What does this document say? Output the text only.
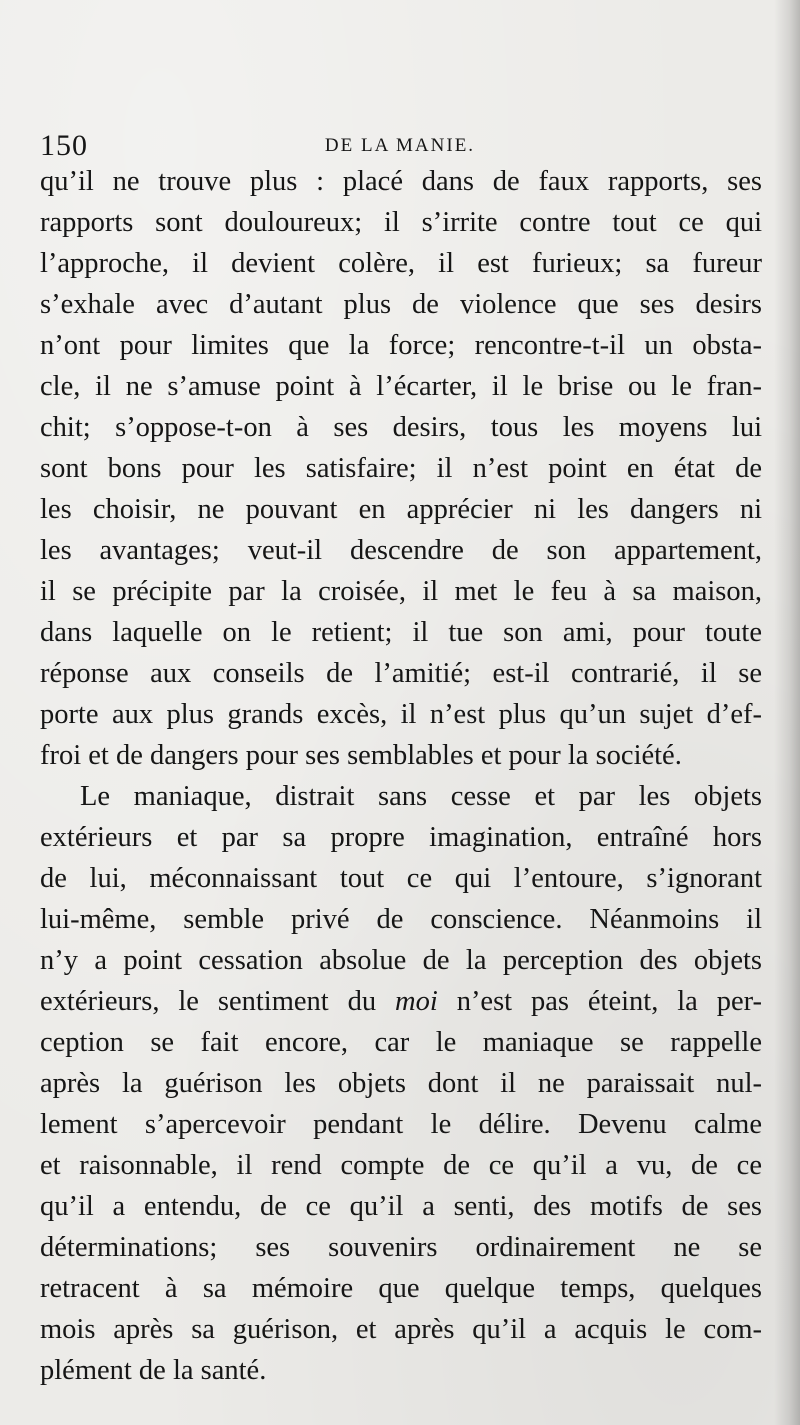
150	DE LA MANIE.
qu’il ne trouve plus : placé dans de faux rapports, ses
rapports sont douloureux; il s’irrite contre tout ce qui
l’approche, il devient colère, il est furieux; sa fureur
s’exhale avec d’autant plus de violence que ses desirs
n’ont pour limites que la force; rencontre-t-il un obsta-
cle, il ne s’amuse point à l’écarter, il le brise ou le fran-
chit; s’oppose-t-on à ses desirs, tous les moyens lui
sont bons pour les satisfaire; il n’est point en état de
les choisir, ne pouvant en apprécier ni les dangers ni
les avantages; veut-il descendre de son appartement,
il se précipite par la croisée, il met le feu à sa maison,
dans laquelle on le retient; il tue son ami, pour toute
réponse aux conseils de l’amitié; est-il contrarié, il se
porte aux plus grands excès, il n’est plus qu’un sujet d’ef-
froi et de dangers pour ses semblables et pour la société.
Le maniaque, distrait sans cesse et par les objets
extérieurs et par sa propre imagination, entraîné hors
de lui, méconnaissant tout ce qui l’entoure, s’ignorant
lui-même, semble privé de conscience. Néanmoins il
n’y a point cessation absolue de la perception des objets
extérieurs, le sentiment du moi n’est pas éteint, la per-
ception se fait encore, car le maniaque se rappelle
après la guérison les objets dont il ne paraissait nul-
lement s’apercevoir pendant le délire. Devenu calme
et raisonnable, il rend compte de ce qu’il a vu, de ce
qu’il a entendu, de ce qu’il a senti, des motifs de ses
déterminations; ses souvenirs ordinairement ne se
retracent à sa mémoire que quelque temps, quelques
mois après sa guérison, et après qu’il a acquis le com-
plément de la santé.
